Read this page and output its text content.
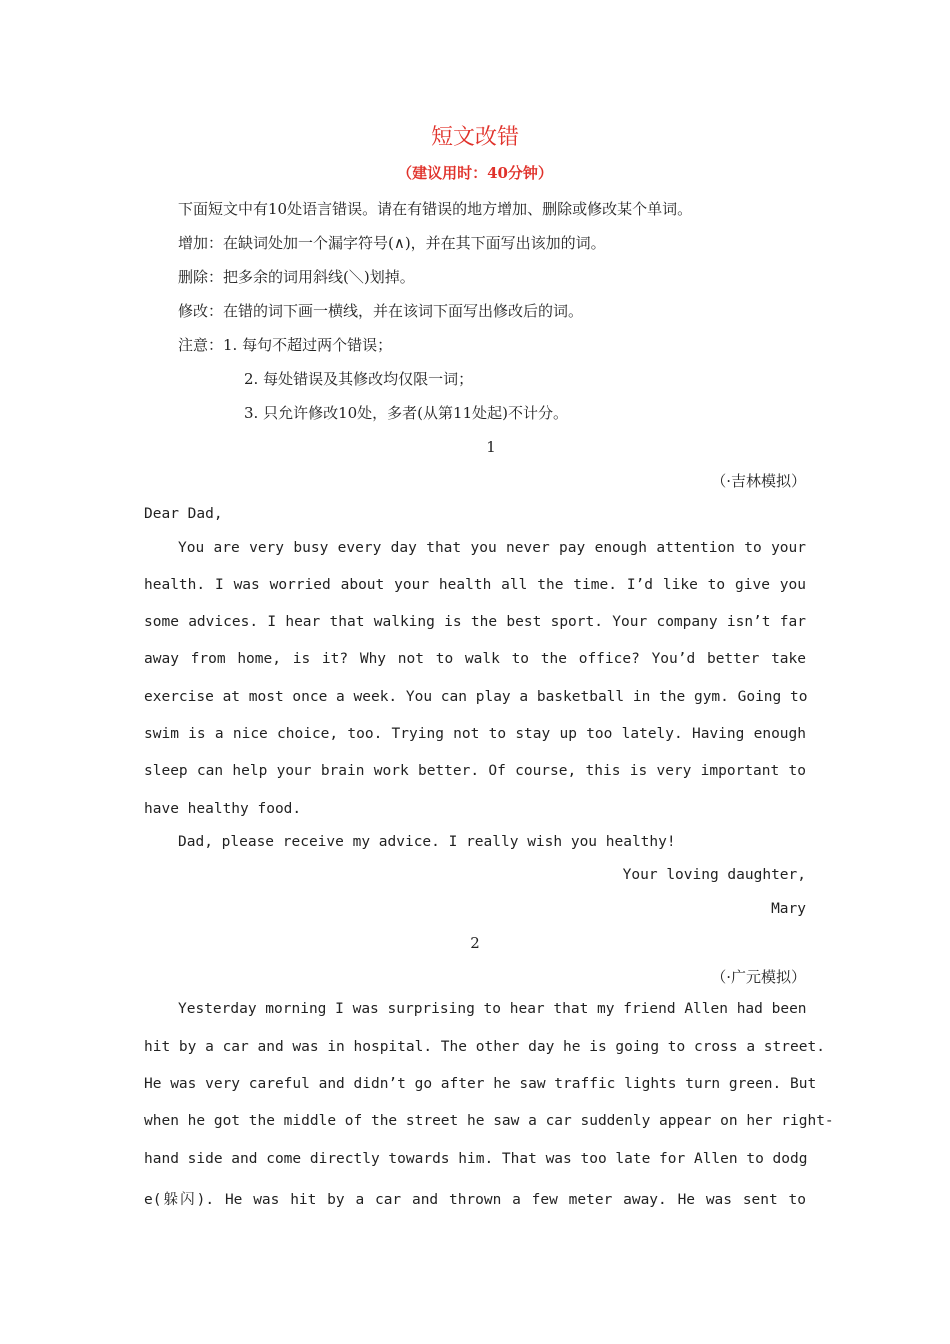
短文改错
（建议用时：40分钟）
下面短文中有10处语言错误。请在有错误的地方增加、删除或修改某个单词。
增加：在缺词处加一个漏字符号(∧)，并在其下面写出该加的词。
删除：把多余的词用斜线(＼)划掉。
修改：在错的词下画一横线，并在该词下面写出修改后的词。
注意：1. 每句不超过两个错误；
2. 每处错误及其修改均仅限一词；
3. 只允许修改10处，多者(从第11处起)不计分。
1
（·吉林模拟）
Dear Dad,
You are very busy every day that you never pay enough attention to your
health. I was worried about your health all the time. I’d like to give you
some advices. I hear that walking is the best sport. Your company isn’t far
away from home, is it? Why not to walk to the office? You’d better take
exercise at most once a week. You can play a basketball in the gym. Going to
swim is a nice choice, too. Trying not to stay up too lately. Having enough
sleep can help your brain work better. Of course, this is very important to
have healthy food.
Dad, please receive my advice. I really wish you healthy!
Your loving daughter,
Mary
2
（·广元模拟）
Yesterday morning I was surprising to hear that my friend Allen had been
hit by a car and was in hospital. The other day he is going to cross a street.
He was very careful and didn’t go after he saw traffic lights turn green. But
when he got the middle of the street he saw a car suddenly appear on her right-
hand side and come directly towards him. That was too late for Allen to dodg
e(躲闪). He was hit by a car and thrown a few meter away. He was sent to
